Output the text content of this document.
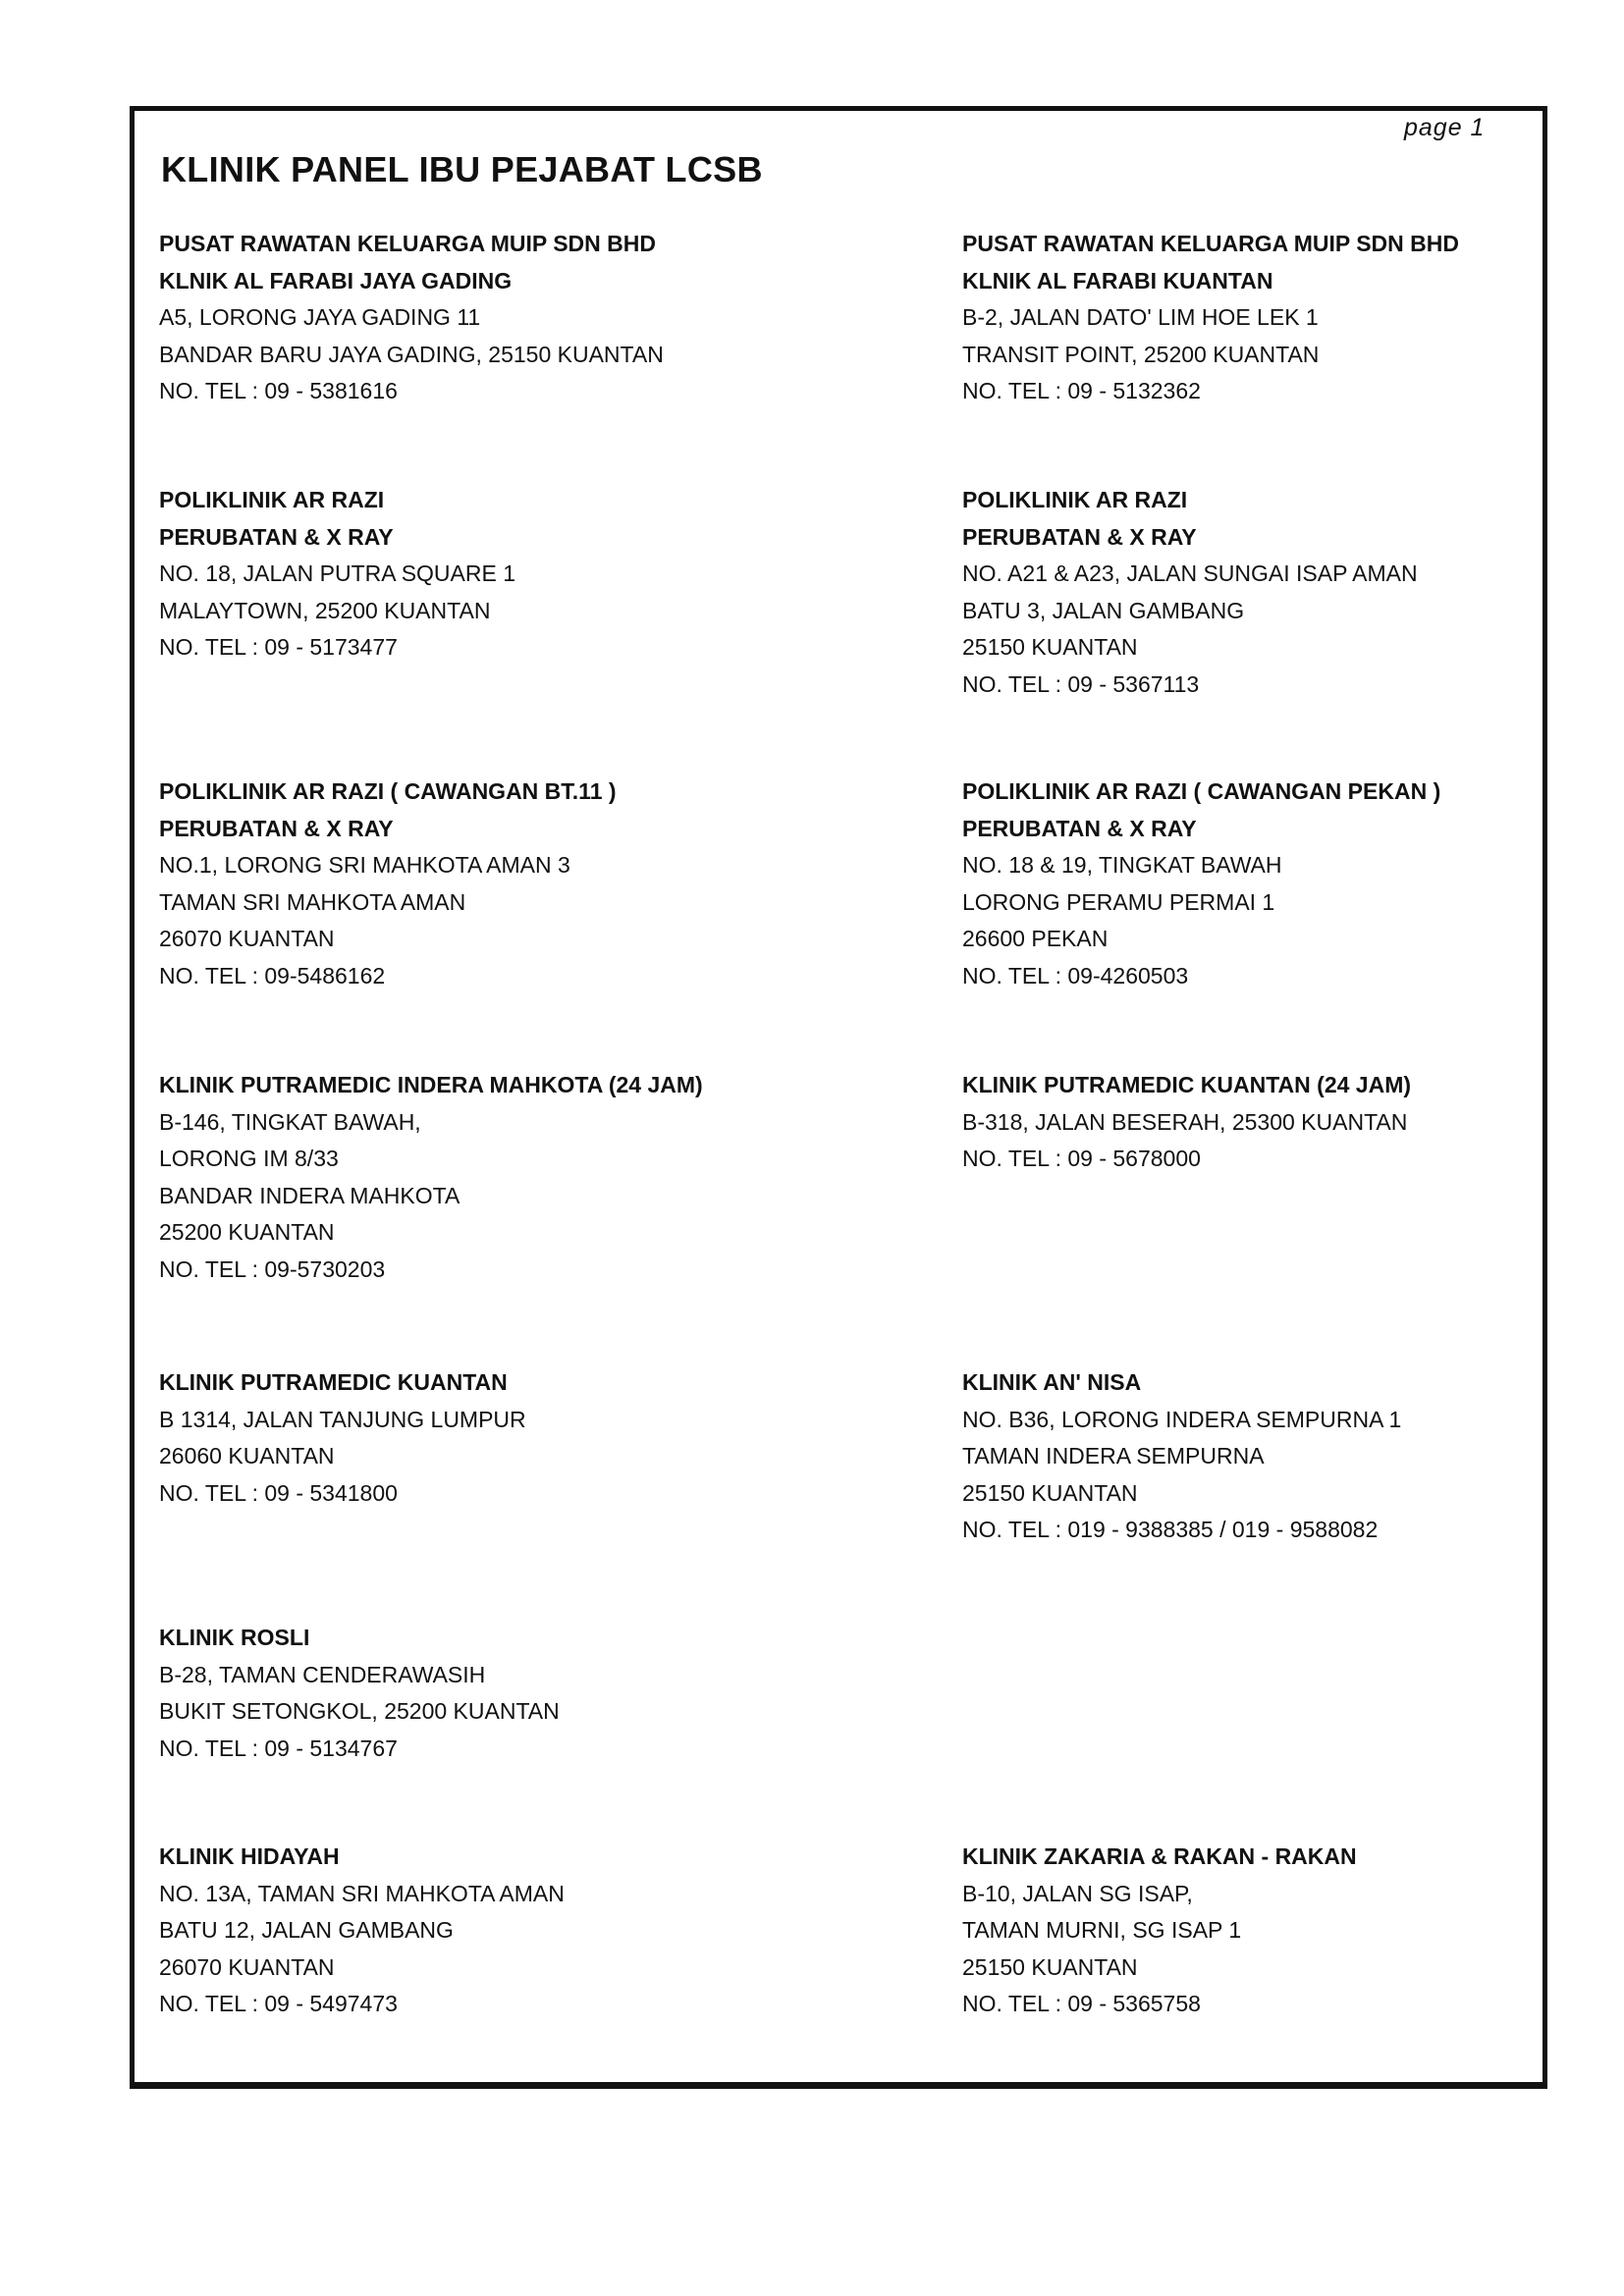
page 1
KLINIK PANEL IBU PEJABAT LCSB
PUSAT RAWATAN KELUARGA MUIP SDN BHD
KLNIK AL FARABI JAYA GADING
A5, LORONG JAYA GADING 11
BANDAR BARU JAYA GADING, 25150 KUANTAN
NO. TEL : 09 - 5381616
PUSAT RAWATAN KELUARGA MUIP SDN BHD
KLNIK AL FARABI KUANTAN
B-2, JALAN DATO' LIM HOE LEK 1
TRANSIT POINT, 25200 KUANTAN
NO. TEL : 09 - 5132362
POLIKLINIK AR RAZI
PERUBATAN & X RAY
NO. 18, JALAN PUTRA SQUARE 1
MALAYTOWN, 25200 KUANTAN
NO. TEL : 09 - 5173477
POLIKLINIK AR RAZI
PERUBATAN & X RAY
NO. A21 & A23, JALAN SUNGAI ISAP AMAN
BATU 3, JALAN GAMBANG
25150 KUANTAN
NO. TEL : 09 - 5367113
POLIKLINIK AR RAZI ( CAWANGAN BT.11 )
PERUBATAN & X RAY
NO.1, LORONG SRI MAHKOTA AMAN 3
TAMAN SRI MAHKOTA AMAN
26070 KUANTAN
NO. TEL : 09-5486162
POLIKLINIK AR RAZI ( CAWANGAN PEKAN )
PERUBATAN & X RAY
NO. 18 & 19, TINGKAT BAWAH
LORONG PERAMU PERMAI 1
26600 PEKAN
NO. TEL : 09-4260503
KLINIK PUTRAMEDIC INDERA MAHKOTA (24 JAM)
B-146, TINGKAT BAWAH,
LORONG IM 8/33
BANDAR INDERA MAHKOTA
25200 KUANTAN
NO. TEL : 09-5730203
KLINIK PUTRAMEDIC KUANTAN (24 JAM)
B-318, JALAN BESERAH, 25300 KUANTAN
NO. TEL : 09 - 5678000
KLINIK PUTRAMEDIC KUANTAN
B 1314, JALAN TANJUNG LUMPUR
26060 KUANTAN
NO. TEL : 09 - 5341800
KLINIK AN' NISA
NO. B36, LORONG INDERA SEMPURNA 1
TAMAN INDERA SEMPURNA
25150 KUANTAN
NO. TEL : 019 - 9388385 / 019 - 9588082
KLINIK ROSLI
B-28, TAMAN CENDERAWASIH
BUKIT SETONGKOL, 25200 KUANTAN
NO. TEL : 09 - 5134767
KLINIK HIDAYAH
NO. 13A, TAMAN SRI MAHKOTA AMAN
BATU 12, JALAN GAMBANG
26070 KUANTAN
NO. TEL : 09 - 5497473
KLINIK ZAKARIA & RAKAN - RAKAN
B-10, JALAN SG ISAP,
TAMAN MURNI, SG ISAP 1
25150 KUANTAN
NO. TEL : 09 - 5365758
